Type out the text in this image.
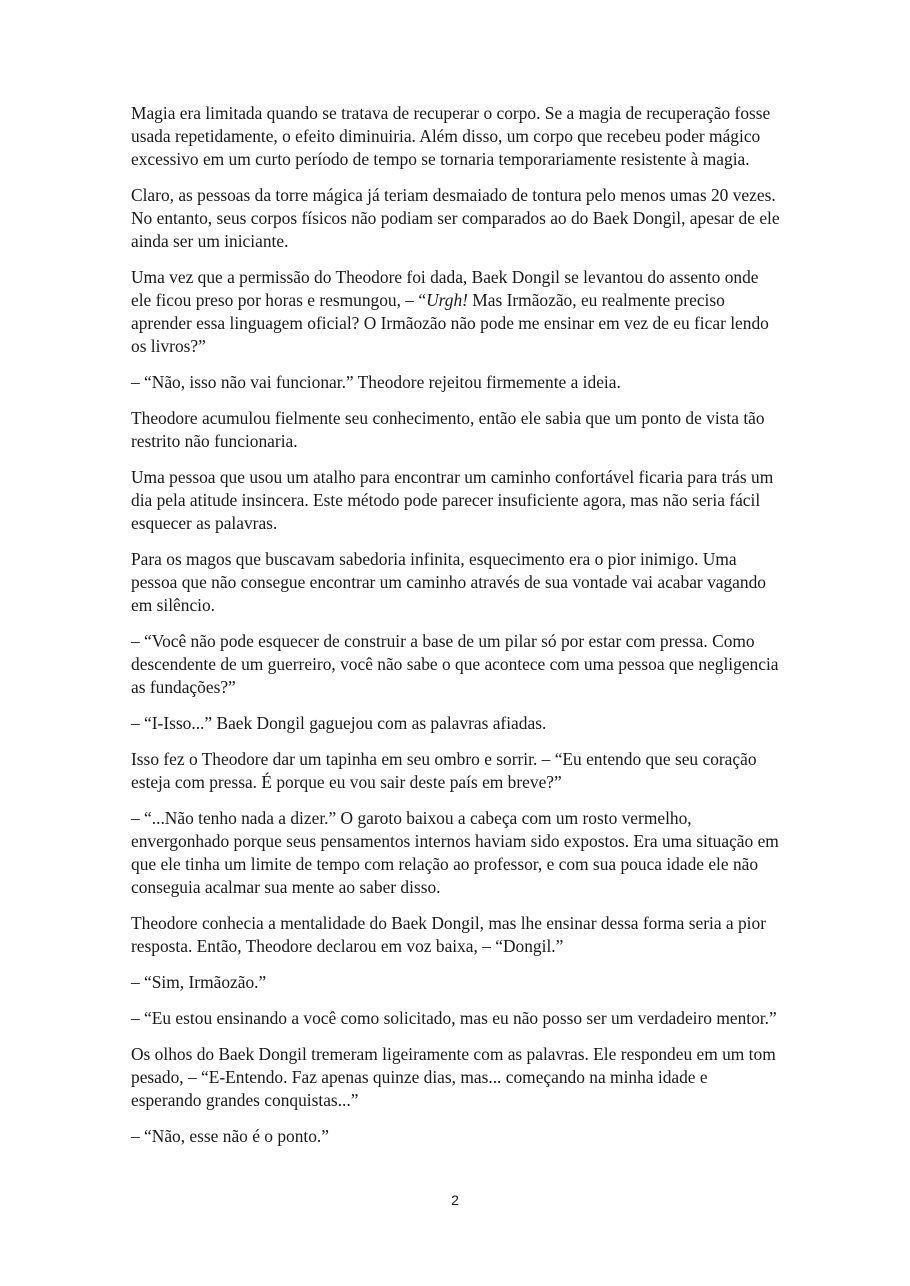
Magia era limitada quando se tratava de recuperar o corpo. Se a magia de recuperação fosse usada repetidamente, o efeito diminuiria. Além disso, um corpo que recebeu poder mágico excessivo em um curto período de tempo se tornaria temporariamente resistente à magia.

Claro, as pessoas da torre mágica já teriam desmaiado de tontura pelo menos umas 20 vezes. No entanto, seus corpos físicos não podiam ser comparados ao do Baek Dongil, apesar de ele ainda ser um iniciante.

Uma vez que a permissão do Theodore foi dada, Baek Dongil se levantou do assento onde ele ficou preso por horas e resmungou, – “Urgh! Mas Irmãozão, eu realmente preciso aprender essa linguagem oficial? O Irmãozão não pode me ensinar em vez de eu ficar lendo os livros?”

– “Não, isso não vai funcionar.” Theodore rejeitou firmemente a ideia.

Theodore acumulou fielmente seu conhecimento, então ele sabia que um ponto de vista tão restrito não funcionaria.

Uma pessoa que usou um atalho para encontrar um caminho confortável ficaria para trás um dia pela atitude insincera. Este método pode parecer insuficiente agora, mas não seria fácil esquecer as palavras.

Para os magos que buscavam sabedoria infinita, esquecimento era o pior inimigo. Uma pessoa que não consegue encontrar um caminho através de sua vontade vai acabar vagando em silêncio.

– “Você não pode esquecer de construir a base de um pilar só por estar com pressa. Como descendente de um guerreiro, você não sabe o que acontece com uma pessoa que negligencia as fundações?”

– “I-Isso...” Baek Dongil gaguejou com as palavras afiadas.

Isso fez o Theodore dar um tapinha em seu ombro e sorrir. – “Eu entendo que seu coração esteja com pressa. É porque eu vou sair deste país em breve?”

– “...Não tenho nada a dizer.” O garoto baixou a cabeça com um rosto vermelho, envergonhado porque seus pensamentos internos haviam sido expostos. Era uma situação em que ele tinha um limite de tempo com relação ao professor, e com sua pouca idade ele não conseguia acalmar sua mente ao saber disso.

Theodore conhecia a mentalidade do Baek Dongil, mas lhe ensinar dessa forma seria a pior resposta. Então, Theodore declarou em voz baixa, – “Dongil.”

– “Sim, Irmãozão.”

– “Eu estou ensinando a você como solicitado, mas eu não posso ser um verdadeiro mentor.”

Os olhos do Baek Dongil tremeram ligeiramente com as palavras. Ele respondeu em um tom pesado, – “E-Entendo. Faz apenas quinze dias, mas... começando na minha idade e esperando grandes conquistas...”

– “Não, esse não é o ponto.”

2
